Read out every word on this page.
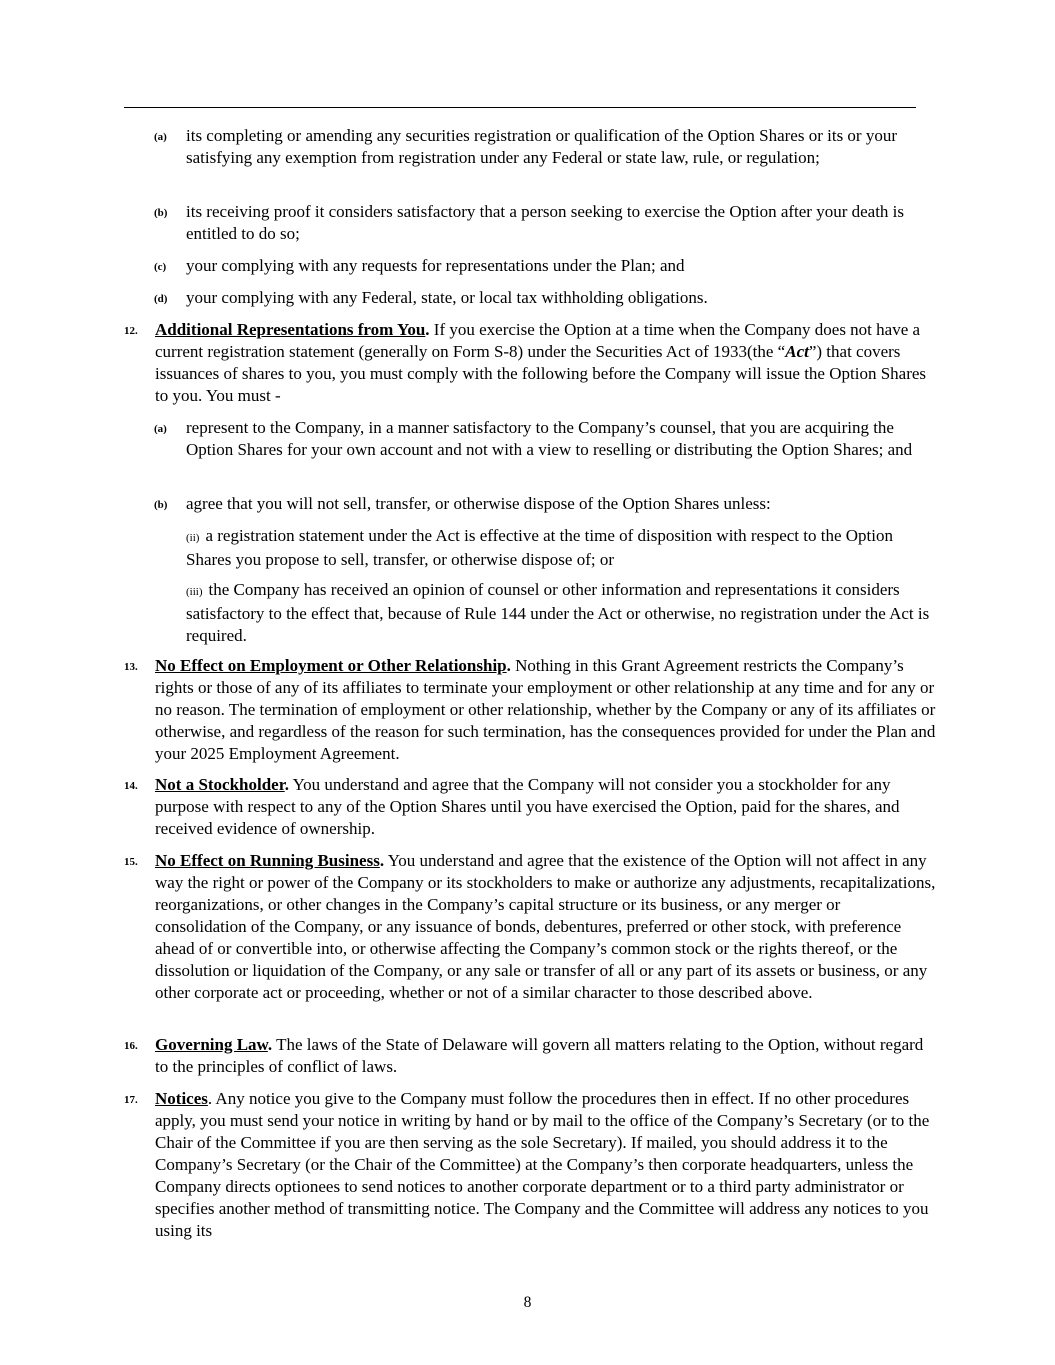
(a) its completing or amending any securities registration or qualification of the Option Shares or its or your satisfying any exemption from registration under any Federal or state law, rule, or regulation;
(b) its receiving proof it considers satisfactory that a person seeking to exercise the Option after your death is entitled to do so;
(c) your complying with any requests for representations under the Plan; and
(d) your complying with any Federal, state, or local tax withholding obligations.
12. Additional Representations from You. If you exercise the Option at a time when the Company does not have a current registration statement (generally on Form S-8) under the Securities Act of 1933(the “Act”) that covers issuances of shares to you, you must comply with the following before the Company will issue the Option Shares to you. You must -
(a) represent to the Company, in a manner satisfactory to the Company’s counsel, that you are acquiring the Option Shares for your own account and not with a view to reselling or distributing the Option Shares; and
(b) agree that you will not sell, transfer, or otherwise dispose of the Option Shares unless:
(ii) a registration statement under the Act is effective at the time of disposition with respect to the Option Shares you propose to sell, transfer, or otherwise dispose of; or
(iii) the Company has received an opinion of counsel or other information and representations it considers satisfactory to the effect that, because of Rule 144 under the Act or otherwise, no registration under the Act is required.
13. No Effect on Employment or Other Relationship. Nothing in this Grant Agreement restricts the Company’s rights or those of any of its affiliates to terminate your employment or other relationship at any time and for any or no reason. The termination of employment or other relationship, whether by the Company or any of its affiliates or otherwise, and regardless of the reason for such termination, has the consequences provided for under the Plan and your 2025 Employment Agreement.
14. Not a Stockholder. You understand and agree that the Company will not consider you a stockholder for any purpose with respect to any of the Option Shares until you have exercised the Option, paid for the shares, and received evidence of ownership.
15. No Effect on Running Business. You understand and agree that the existence of the Option will not affect in any way the right or power of the Company or its stockholders to make or authorize any adjustments, recapitalizations, reorganizations, or other changes in the Company’s capital structure or its business, or any merger or consolidation of the Company, or any issuance of bonds, debentures, preferred or other stock, with preference ahead of or convertible into, or otherwise affecting the Company’s common stock or the rights thereof, or the dissolution or liquidation of the Company, or any sale or transfer of all or any part of its assets or business, or any other corporate act or proceeding, whether or not of a similar character to those described above.
16. Governing Law. The laws of the State of Delaware will govern all matters relating to the Option, without regard to the principles of conflict of laws.
17. Notices. Any notice you give to the Company must follow the procedures then in effect. If no other procedures apply, you must send your notice in writing by hand or by mail to the office of the Company’s Secretary (or to the Chair of the Committee if you are then serving as the sole Secretary). If mailed, you should address it to the Company’s Secretary (or the Chair of the Committee) at the Company’s then corporate headquarters, unless the Company directs optionees to send notices to another corporate department or to a third party administrator or specifies another method of transmitting notice. The Company and the Committee will address any notices to you using its
8
